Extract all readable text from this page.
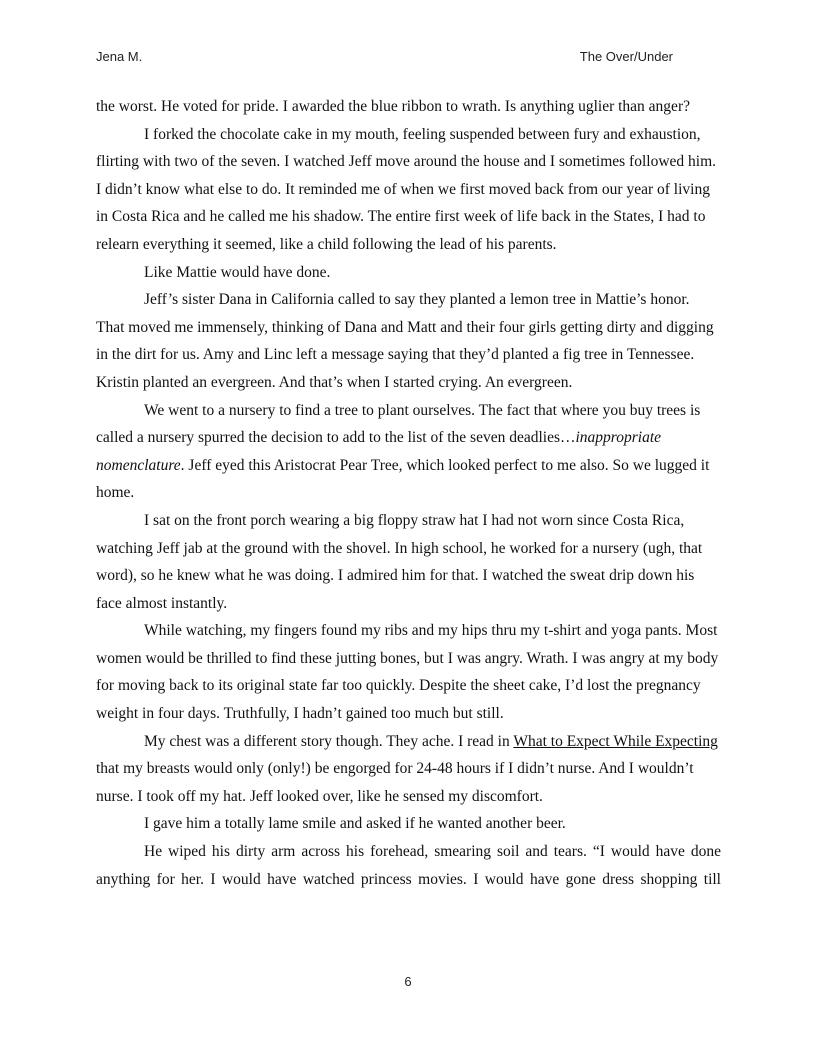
Jena M.	The Over/Under

the worst. He voted for pride. I awarded the blue ribbon to wrath. Is anything uglier than anger?

I forked the chocolate cake in my mouth, feeling suspended between fury and exhaustion, flirting with two of the seven. I watched Jeff move around the house and I sometimes followed him. I didn’t know what else to do. It reminded me of when we first moved back from our year of living in Costa Rica and he called me his shadow. The entire first week of life back in the States, I had to relearn everything it seemed, like a child following the lead of his parents.

Like Mattie would have done.

Jeff’s sister Dana in California called to say they planted a lemon tree in Mattie’s honor. That moved me immensely, thinking of Dana and Matt and their four girls getting dirty and digging in the dirt for us. Amy and Linc left a message saying that they’d planted a fig tree in Tennessee. Kristin planted an evergreen. And that’s when I started crying. An evergreen.

We went to a nursery to find a tree to plant ourselves. The fact that where you buy trees is called a nursery spurred the decision to add to the list of the seven deadlies…inappropriate nomenclature. Jeff eyed this Aristocrat Pear Tree, which looked perfect to me also. So we lugged it home.

I sat on the front porch wearing a big floppy straw hat I had not worn since Costa Rica, watching Jeff jab at the ground with the shovel. In high school, he worked for a nursery (ugh, that word), so he knew what he was doing. I admired him for that. I watched the sweat drip down his face almost instantly.

While watching, my fingers found my ribs and my hips thru my t-shirt and yoga pants. Most women would be thrilled to find these jutting bones, but I was angry. Wrath. I was angry at my body for moving back to its original state far too quickly. Despite the sheet cake, I’d lost the pregnancy weight in four days. Truthfully, I hadn’t gained too much but still.

My chest was a different story though. They ache. I read in What to Expect While Expecting that my breasts would only (only!) be engorged for 24-48 hours if I didn’t nurse. And I wouldn’t nurse. I took off my hat. Jeff looked over, like he sensed my discomfort.

I gave him a totally lame smile and asked if he wanted another beer.

He wiped his dirty arm across his forehead, smearing soil and tears. “I would have done anything for her. I would have watched princess movies. I would have gone dress shopping till

6
